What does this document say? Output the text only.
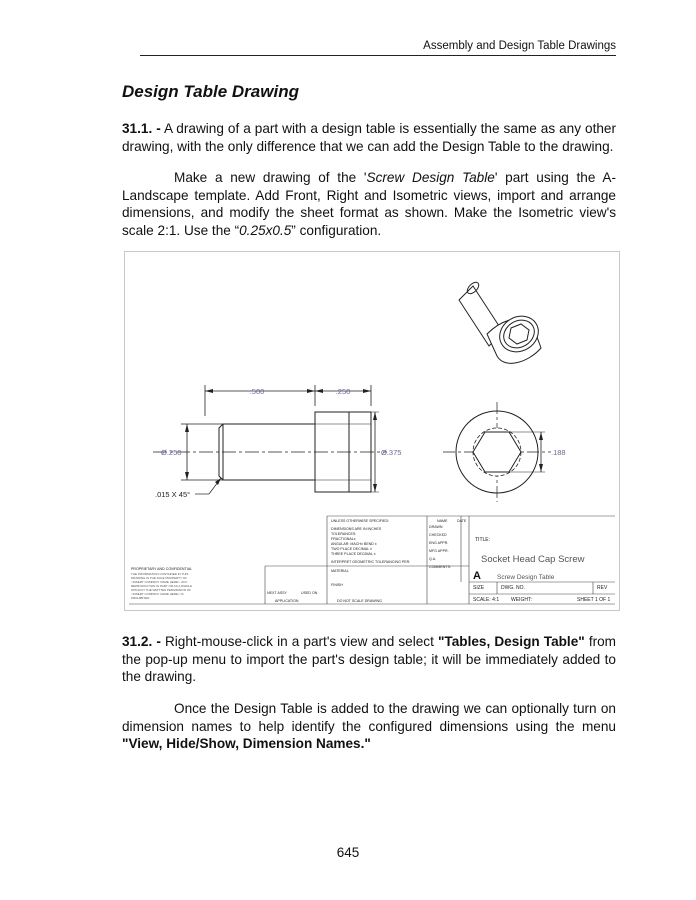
Assembly and Design Table Drawings
Design Table Drawing

31.1. - A drawing of a part with a design table is essentially the same as any other drawing, with the only difference that we can add the Design Table to the drawing.

Make a new drawing of the 'Screw Design Table' part using the A-Landscape template. Add Front, Right and Isometric views, import and arrange dimensions, and modify the sheet format as shown. Make the Isometric view's scale 2:1. Use the “0.25x0.5” configuration.

.500	.250
Ø.250	Ø.375	.188
.015 X 45°
UNLESS OTHERWISE SPECIFIED:
DIMENSIONS ARE IN INCHES
TOLERANCES:
FRACTIONAL±
ANGULAR: MACH± BEND ±
TWO PLACE DECIMAL ±
THREE PLACE DECIMAL ±
INTERPRET GEOMETRIC TOLERANCING PER:
MATERIAL
FINISH
DRAWN
CHECKED
ENG APPR.
MFG APPR.
Q.A.
COMMENTS:
NAME	DATE
PROPRIETARY AND CONFIDENTIAL
NEXT ASSY	USED ON
APPLICATION	DO NOT SCALE DRAWING
THE INFORMATION CONTAINED IN THIS
DRAWING IS THE SOLE PROPERTY OF
<INSERT COMPANY NAME HERE>. ANY
REPRODUCTION IN PART OR AS A WHOLE
WITHOUT THE WRITTEN PERMISSION OF
<INSERT COMPANY NAME HERE> IS
PROHIBITED.
TITLE:
Socket Head Cap Screw
SIZE	DWG. NO.	REV
A Screw Design Table
SCALE: 4:1 WEIGHT:	SHEET 1 OF 1

31.2. - Right-mouse-click in a part's view and select "Tables, Design Table" from the pop-up menu to import the part's design table; it will be immediately added to the drawing.

Once the Design Table is added to the drawing we can optionally turn on dimension names to help identify the configured dimensions using the menu "View, Hide/Show, Dimension Names."

645
